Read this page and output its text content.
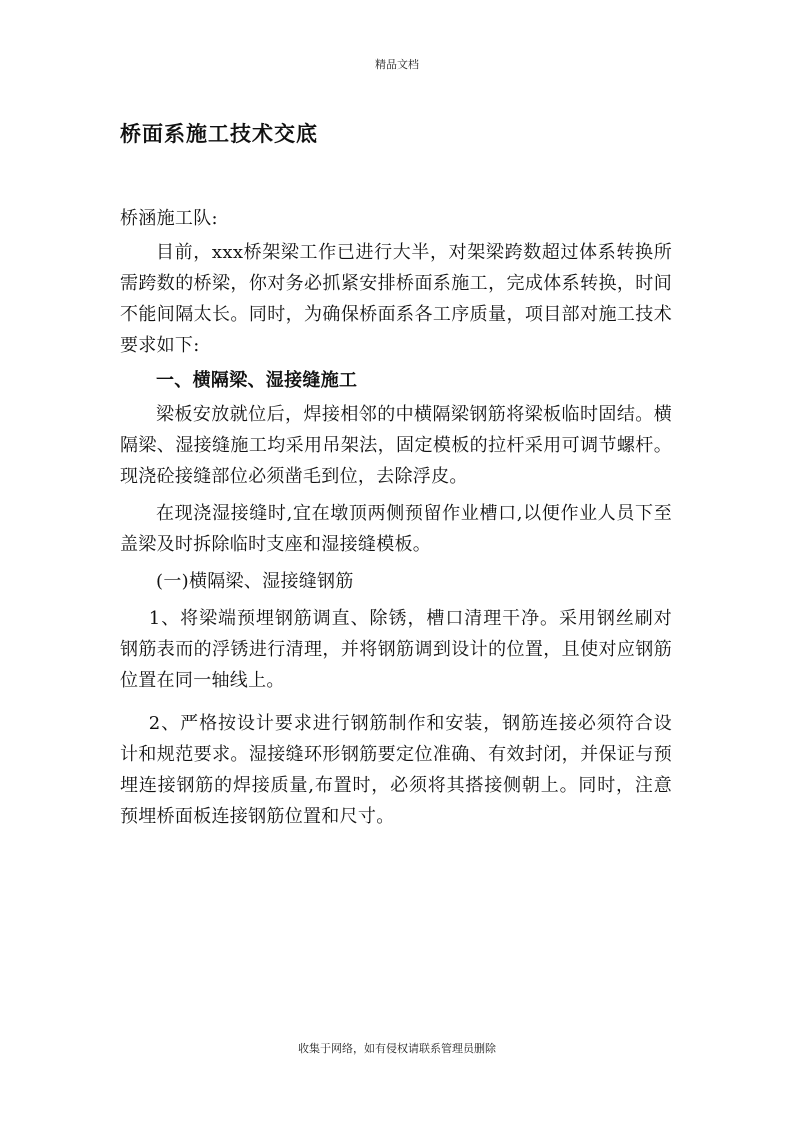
精品文档
桥面系施工技术交底

桥涵施工队:

目前，xxx桥架梁工作已进行大半，对架梁跨数超过体系转换所需跨数的桥梁，你对务必抓紧安排桥面系施工，完成体系转换，时间不能间隔太长。同时，为确保桥面系各工序质量，项目部对施工技术要求如下:

一、横隔梁、湿接缝施工

梁板安放就位后，焊接相邻的中横隔梁钢筋将梁板临时固结。横隔梁、湿接缝施工均采用吊架法，固定模板的拉杆采用可调节螺杆。现浇砼接缝部位必须凿毛到位，去除浮皮。

在现浇湿接缝时,宜在墩顶两侧预留作业槽口,以便作业人员下至盖梁及时拆除临时支座和湿接缝模板。

(一)横隔梁、湿接缝钢筋

1、将梁端预埋钢筋调直、除锈，槽口清理干净。采用钢丝刷对钢筋表而的浮锈进行清理，并将钢筋调到设计的位置，且使对应钢筋位置在同一轴线上。

2、严格按设计要求进行钢筋制作和安装，钢筋连接必须符合设计和规范要求。湿接缝环形钢筋要定位准确、有效封闭，并保证与预埋连接钢筋的焊接质量,布置时，必须将其搭接侧朝上。同时，注意预埋桥面板连接钢筋位置和尺寸。

收集于网络，如有侵权请联系管理员删除
